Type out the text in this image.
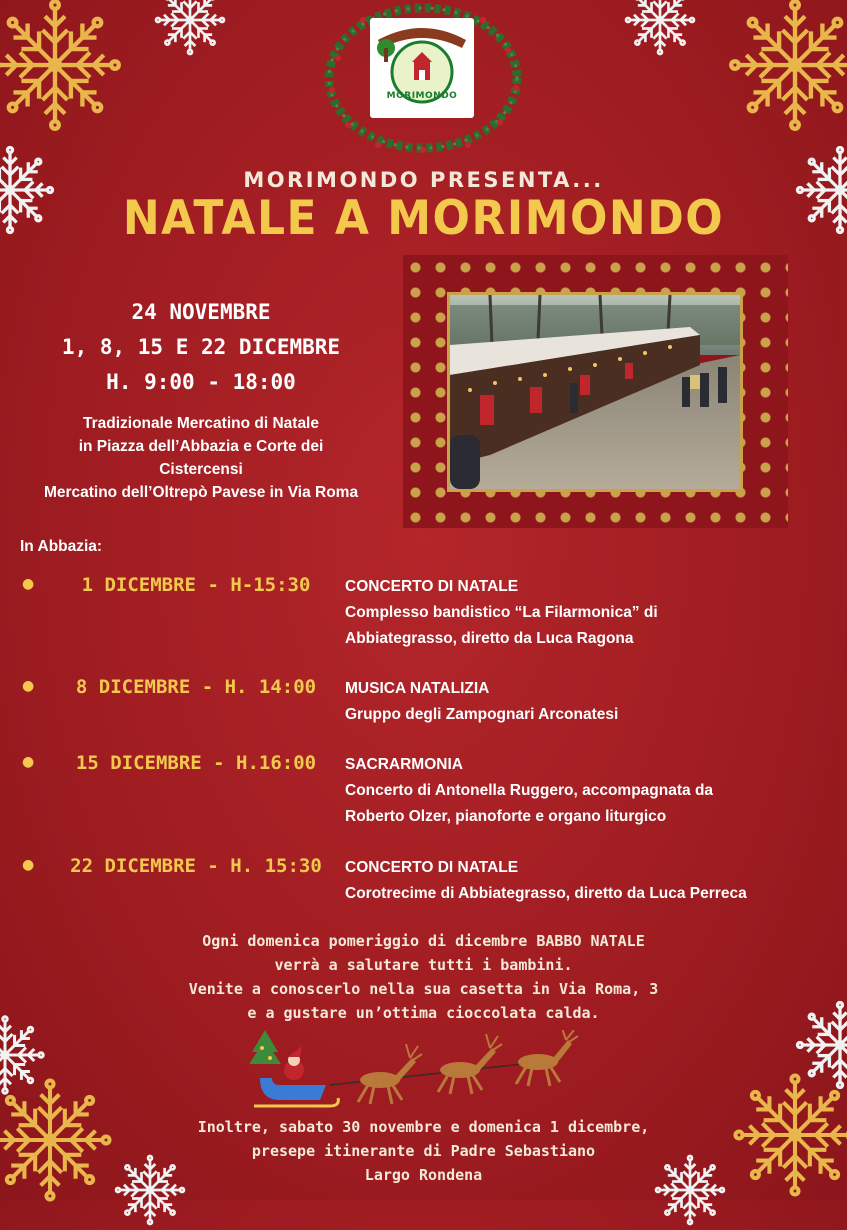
MORIMONDO
MORIMONDO PRESENTA...
NATALE A MORIMONDO
24 NOVEMBRE
1, 8, 15 E 22 DICEMBRE
H. 9:00 - 18:00
Tradizionale Mercatino di Natale
in Piazza dell’Abbazia e Corte dei
Cistercensi
Mercatino dell’Oltrepò Pavese in Via Roma
In Abbazia:
●	1 DICEMBRE - H-15:30	CONCERTO DI NATALE
Complesso bandistico “La Filarmonica” di
Abbiategrasso, diretto da Luca Ragona
●	8 DICEMBRE - H. 14:00	MUSICA NATALIZIA
Gruppo degli Zampognari Arconatesi
●	15 DICEMBRE - H.16:00	SACRARMONIA
Concerto di Antonella Ruggero, accompagnata da
Roberto Olzer, pianoforte e organo liturgico
●	22 DICEMBRE - H. 15:30	CONCERTO DI NATALE
Corotrecime di Abbiategrasso, diretto da Luca Perreca
Ogni domenica pomeriggio di dicembre BABBO NATALE
verrà a salutare tutti i bambini.
Venite a conoscerlo nella sua casetta in Via Roma, 3
e a gustare un’ottima cioccolata calda.
Inoltre, sabato 30 novembre e domenica 1 dicembre,
presepe itinerante di Padre Sebastiano
Largo Rondena
